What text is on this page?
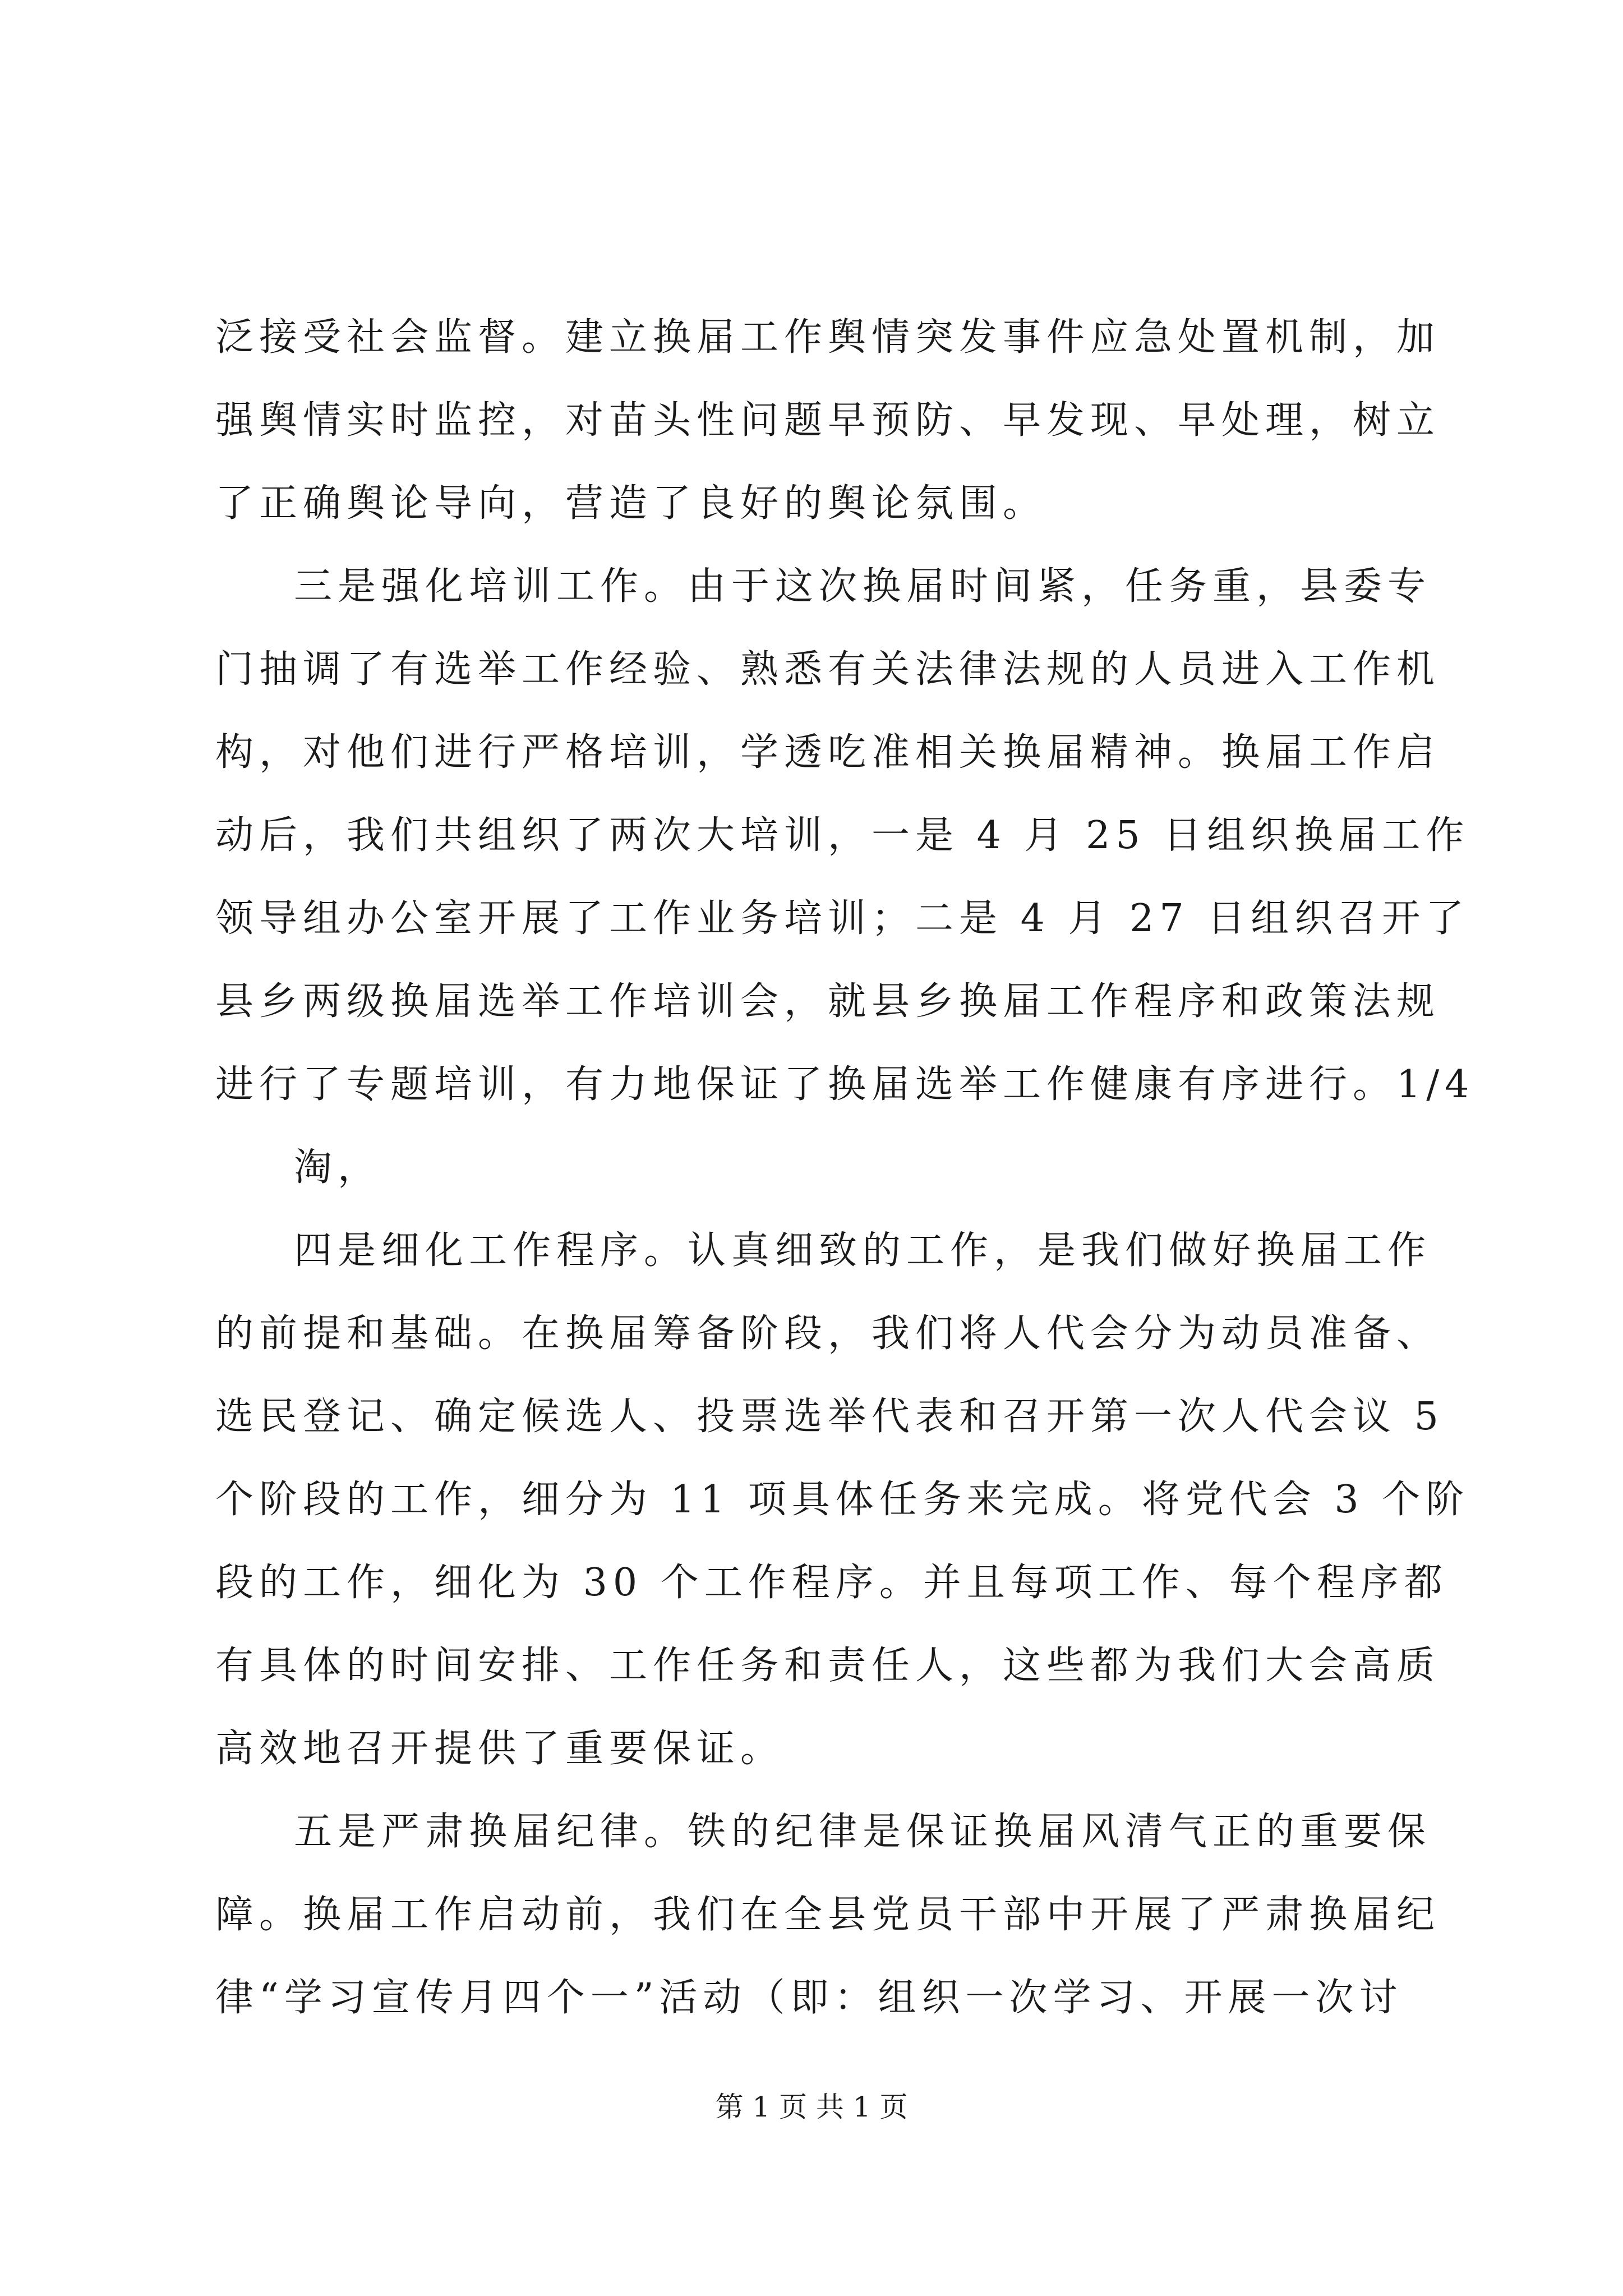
泛接受社会监督。建立换届工作舆情突发事件应急处置机制，加
强舆情实时监控，对苗头性问题早预防、早发现、早处理，树立
了正确舆论导向，营造了良好的舆论氛围。
三是强化培训工作。由于这次换届时间紧，任务重，县委专
门抽调了有选举工作经验、熟悉有关法律法规的人员进入工作机
构，对他们进行严格培训，学透吃准相关换届精神。换届工作启
动后，我们共组织了两次大培训，一是 4 月 25 日组织换届工作
领导组办公室开展了工作业务培训；二是 4 月 27 日组织召开了
县乡两级换届选举工作培训会，就县乡换届工作程序和政策法规
进行了专题培训，有力地保证了换届选举工作健康有序进行。1/4
淘，
四是细化工作程序。认真细致的工作，是我们做好换届工作
的前提和基础。在换届筹备阶段，我们将人代会分为动员准备、
选民登记、确定候选人、投票选举代表和召开第一次人代会议 5
个阶段的工作，细分为 11 项具体任务来完成。将党代会 3 个阶
段的工作，细化为 30 个工作程序。并且每项工作、每个程序都
有具体的时间安排、工作任务和责任人，这些都为我们大会高质
高效地召开提供了重要保证。
五是严肃换届纪律。铁的纪律是保证换届风清气正的重要保
障。换届工作启动前，我们在全县党员干部中开展了严肃换届纪
律“学习宣传月四个一”活动（即：组织一次学习、开展一次讨
第 1 页 共 1 页
